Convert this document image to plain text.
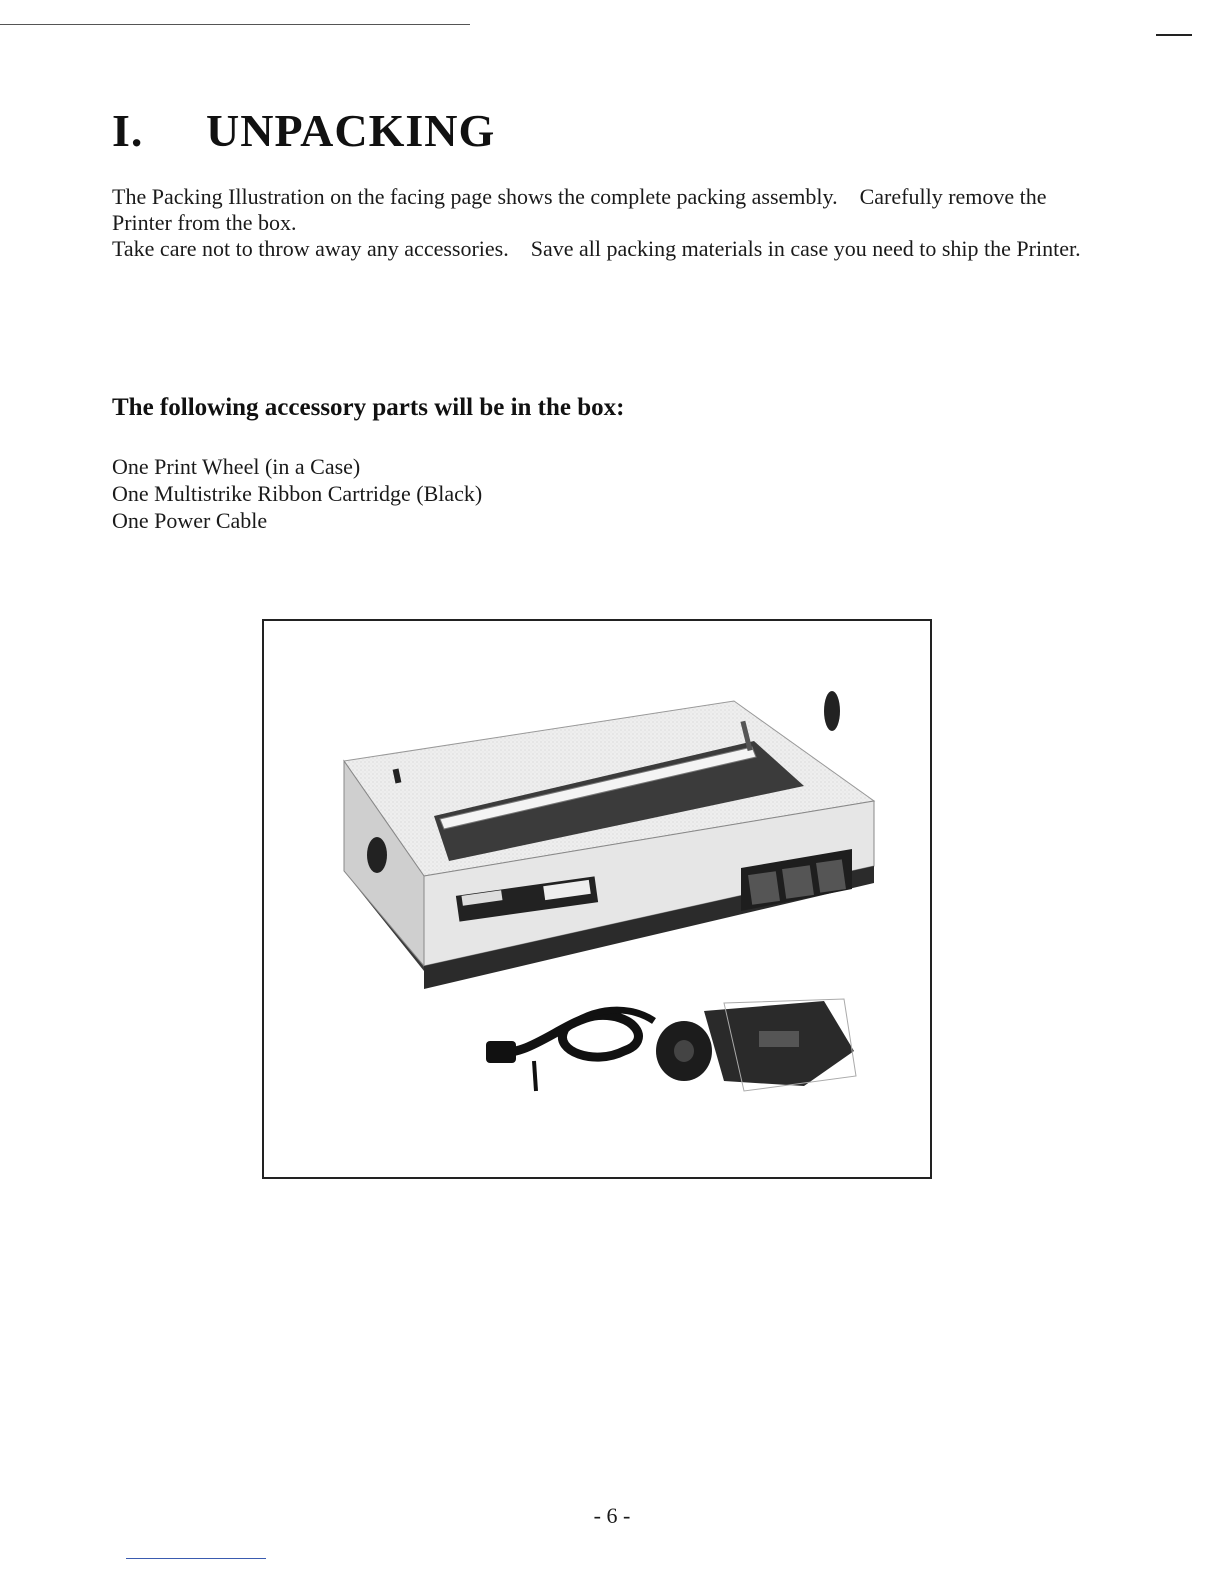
I. UNPACKING

The Packing Illustration on the facing page shows the complete packing assembly. Carefully remove the Printer from the box.

Take care not to throw away any accessories. Save all packing materials in case you need to ship the Printer.

The following accessory parts will be in the box:
One Print Wheel (in a Case)
One Multistrike Ribbon Cartridge (Black)
One Power Cable
- 6 -
